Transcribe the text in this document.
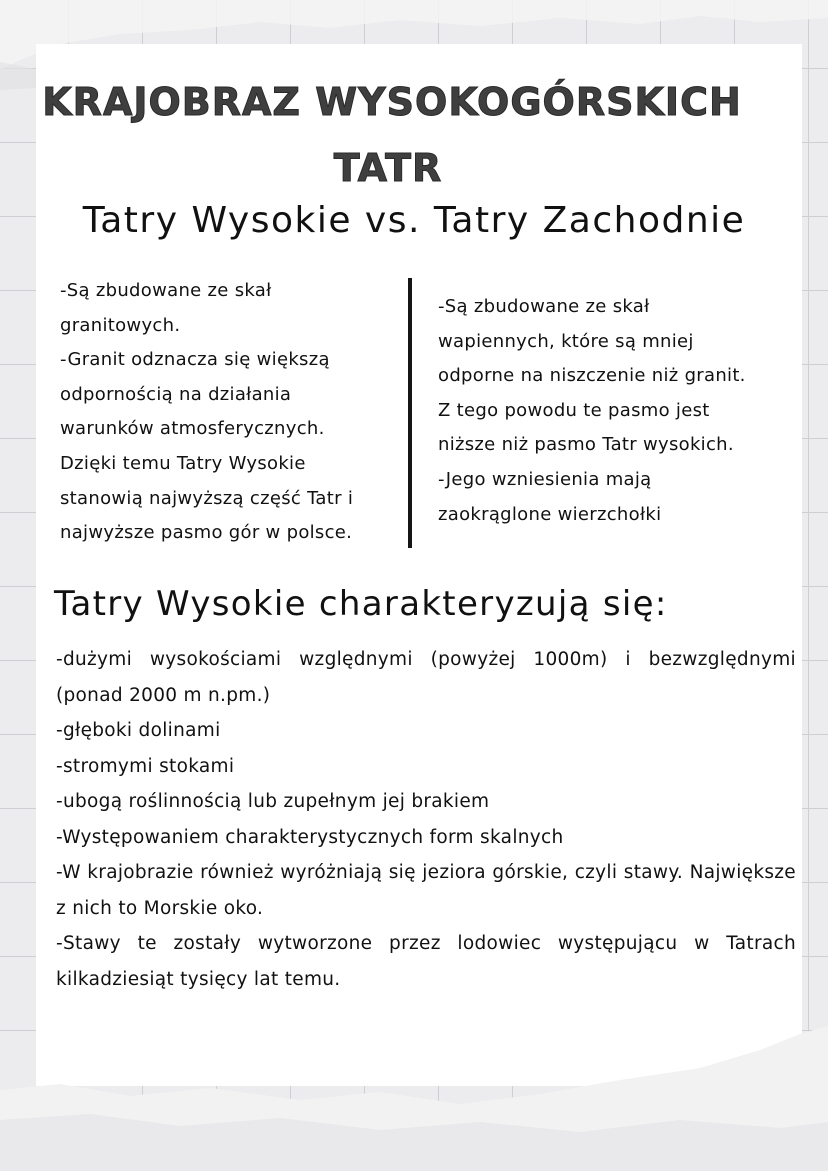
KRAJOBRAZ WYSOKOGÓRSKICH
TATR
Tatry Wysokie vs. Tatry Zachodnie
-Są zbudowane ze skał
granitowych.
-Granit odznacza się większą
odpornością na działania
warunków atmosferycznych.
Dzięki temu Tatry Wysokie
stanowią najwyższą część Tatr i
najwyższe pasmo gór w polsce.
-Są zbudowane ze skał
wapiennych, które są mniej
odporne na niszczenie niż granit.
Z tego powodu te pasmo jest
niższe niż pasmo Tatr wysokich.
-Jego wzniesienia mają
zaokrąglone wierzchołki
Tatry Wysokie charakteryzują się:
-dużymi wysokościami względnymi (powyżej 1000m) i bezwzględnymi (ponad 2000 m n.pm.)
-głęboki dolinami
-stromymi stokami
-ubogą roślinnością lub zupełnym jej brakiem
-Występowaniem charakterystycznych form skalnych
-W krajobrazie również wyróżniają się jeziora górskie, czyli stawy. Największe z nich to Morskie oko.
-Stawy te zostały wytworzone przez lodowiec występującu w Tatrach kilkadziesiąt tysięcy lat temu.
